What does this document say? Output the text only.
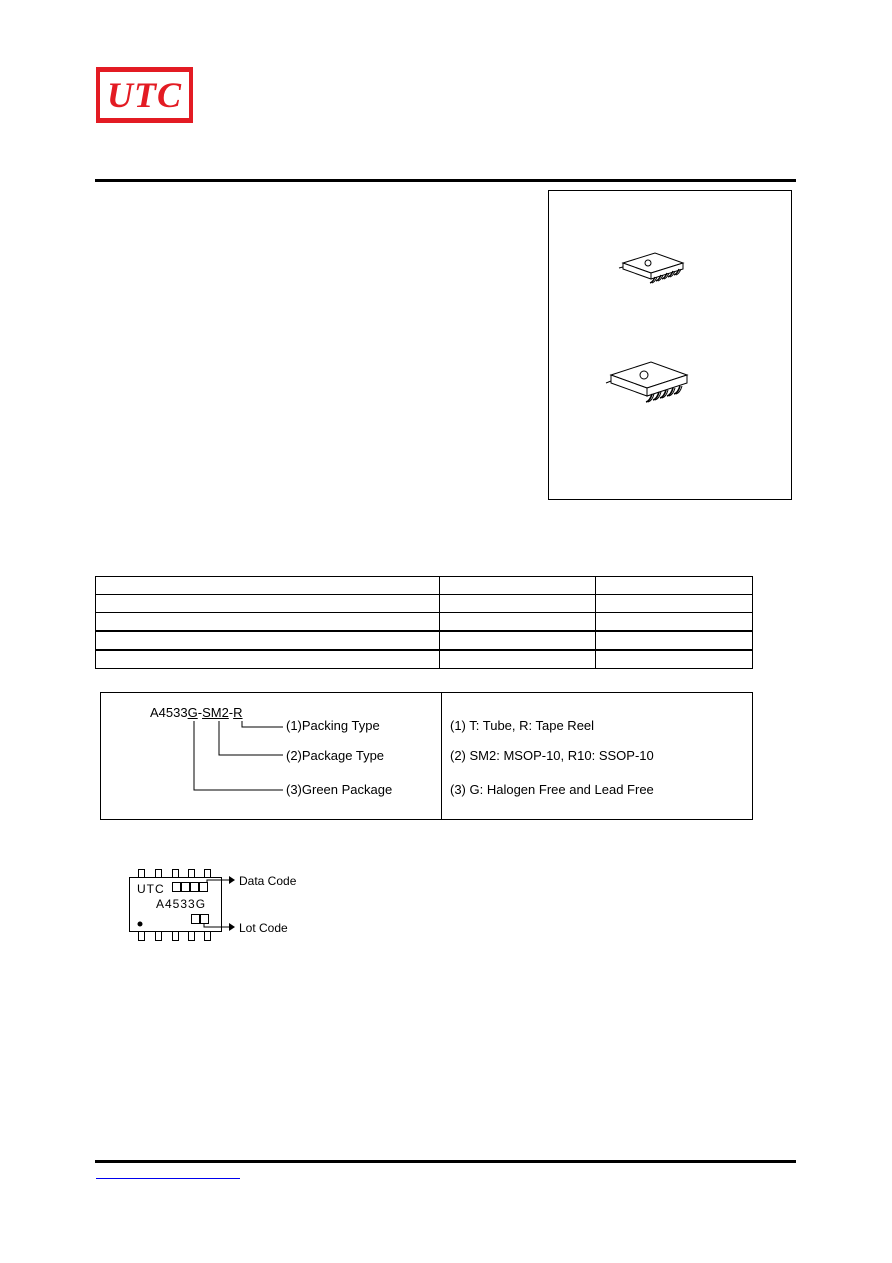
UTC

A4533G-SM2-R
(1)Packing Type
(2)Package Type
(3)Green Package
(1) T: Tube, R: Tape Reel
(2) SM2: MSOP-10, R10: SSOP-10
(3) G: Halogen Free and Lead Free
UTC
A4533G
Data Code
Lot Code
